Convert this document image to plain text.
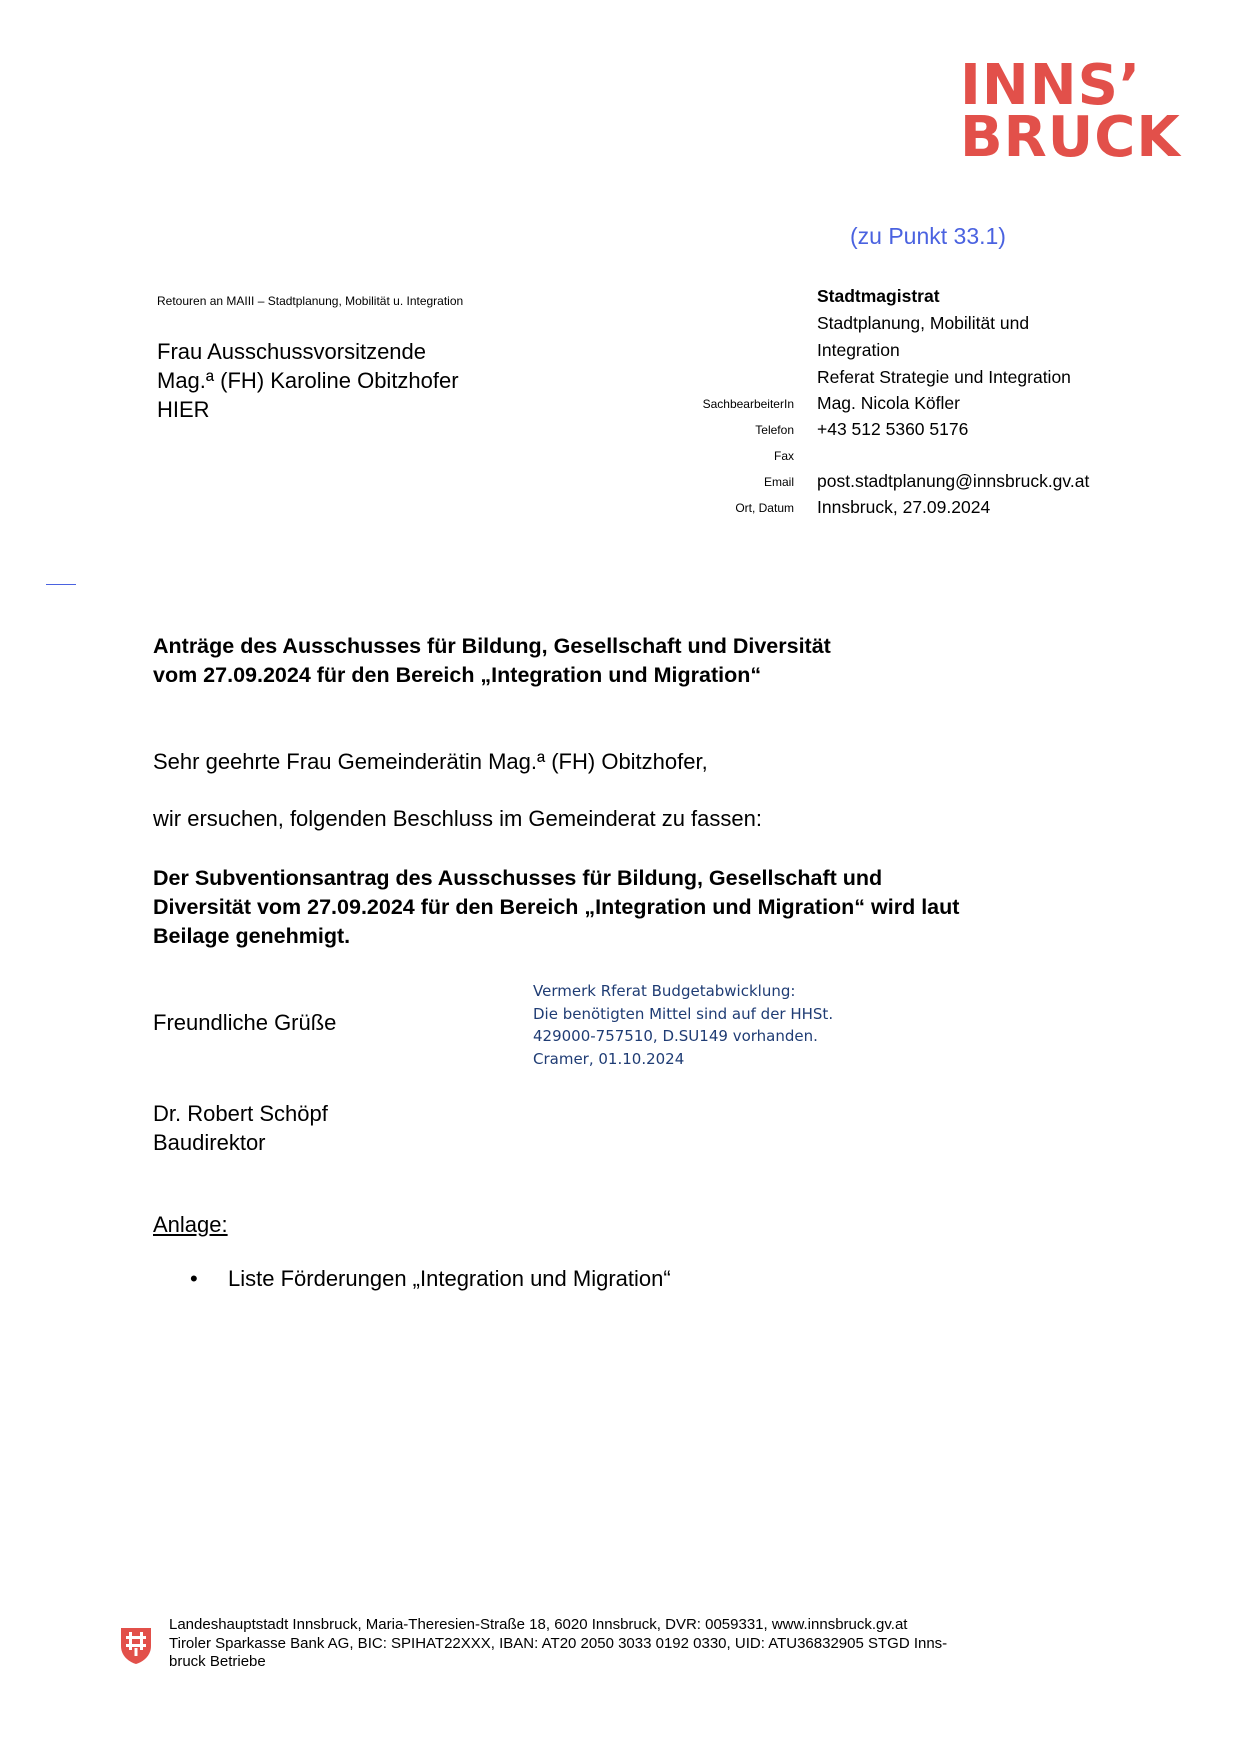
INNS’
BRUCK
(zu Punkt 33.1)
Retouren an MAIII – Stadtplanung, Mobilität u. Integration
Frau Ausschussvorsitzende
Mag.ª (FH) Karoline Obitzhofer
HIER
Stadtmagistrat
Stadtplanung, Mobilität und
Integration
Referat Strategie und Integration
SachbearbeiterIn
Telefon
Fax
Email
Ort, Datum
Mag. Nicola Köfler
+43 512 5360 5176
post.stadtplanung@innsbruck.gv.at
Innsbruck, 27.09.2024
Anträge des Ausschusses für Bildung, Gesellschaft und Diversität
vom 27.09.2024 für den Bereich „Integration und Migration“
Sehr geehrte Frau Gemeinderätin Mag.ª (FH) Obitzhofer,
wir ersuchen, folgenden Beschluss im Gemeinderat zu fassen:
Der Subventionsantrag des Ausschusses für Bildung, Gesellschaft und
Diversität vom 27.09.2024 für den Bereich „Integration und Migration“ wird laut
Beilage genehmigt.
Freundliche Grüße
Vermerk Rferat Budgetabwicklung:
Die benötigten Mittel sind auf der HHSt.
429000-757510, D.SU149 vorhanden.
Cramer, 01.10.2024
Dr. Robert Schöpf
Baudirektor
Anlage:
• Liste Förderungen „Integration und Migration“
Landeshauptstadt Innsbruck, Maria-Theresien-Straße 18, 6020 Innsbruck, DVR: 0059331, www.innsbruck.gv.at
Tiroler Sparkasse Bank AG, BIC: SPIHAT22XXX, IBAN: AT20 2050 3033 0192 0330, UID: ATU36832905 STGD Inns-
bruck Betriebe
